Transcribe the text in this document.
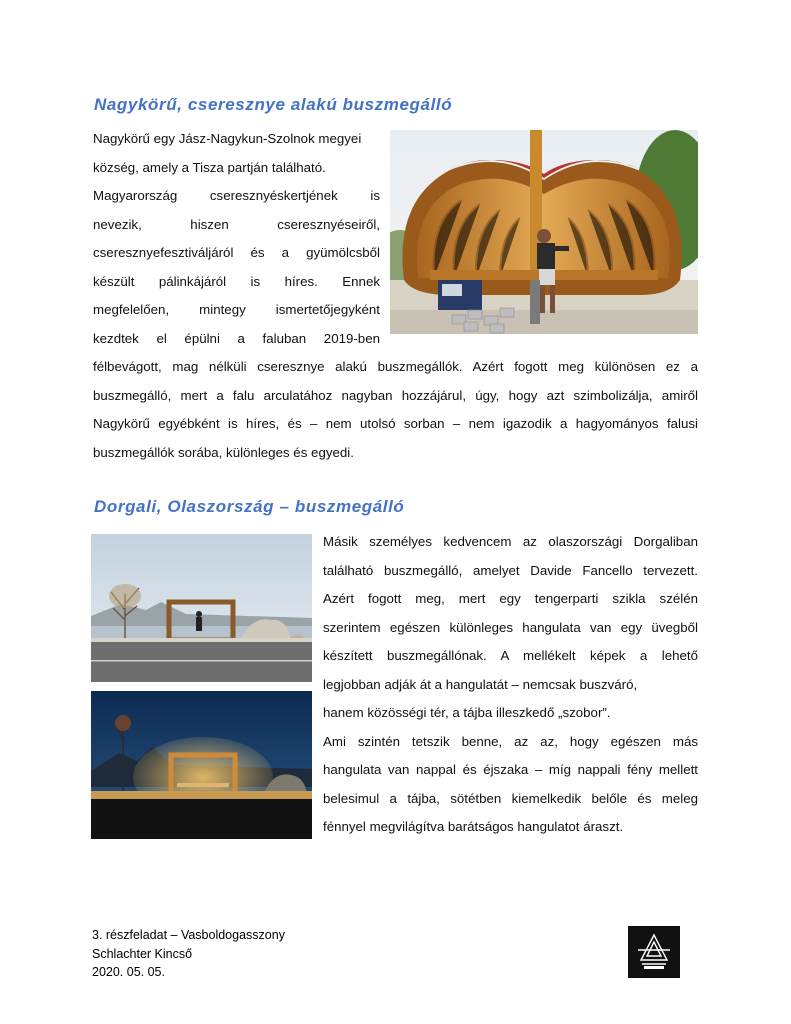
Nagykörű, cseresznye alakú buszmegálló
Nagykörű egy Jász-Nagykun-Szolnok megyei
község, amely a Tisza partján található.
Magyarország cseresznyéskertjének is
nevezik, hiszen cseresznyéseiről,
cseresznyefesztiváljáról és a gyümölcsből
készült pálinkájáról is híres. Ennek
megfelelően, mintegy ismertetőjegyként
kezdtek el épülni a faluban 2019-ben
félbevágott, mag nélküli cseresznye alakú buszmegállók. Azért fogott meg különösen ez a
buszmegálló, mert a falu arculatához nagyban hozzájárul, úgy, hogy azt szimbolizálja, amiről
Nagykörű egyébként is híres, és – nem utolsó sorban – nem igazodik a hagyományos falusi
buszmegállók sorába, különleges és egyedi.
Dorgali, Olaszország – buszmegálló
Másik személyes kedvencem az olaszországi Dorgaliban
található buszmegálló, amelyet Davide Fancello tervezett.
Azért fogott meg, mert egy tengerparti szikla szélén
szerintem egészen különleges hangulata van egy üvegből
készített buszmegállónak. A mellékelt képek a lehető
legjobban adják át a hangulatát – nemcsak buszváró,
hanem közösségi tér, a tájba illeszkedő „szobor”.
Ami szintén tetszik benne, az az, hogy egészen más
hangulata van nappal és éjszaka – míg nappali fény mellett
belesimul a tájba, sötétben kiemelkedik belőle és meleg
fénnyel megvilágítva barátságos hangulatot áraszt.
3. részfeladat – Vasboldogasszony
Schlachter Kincső
2020. 05. 05.
